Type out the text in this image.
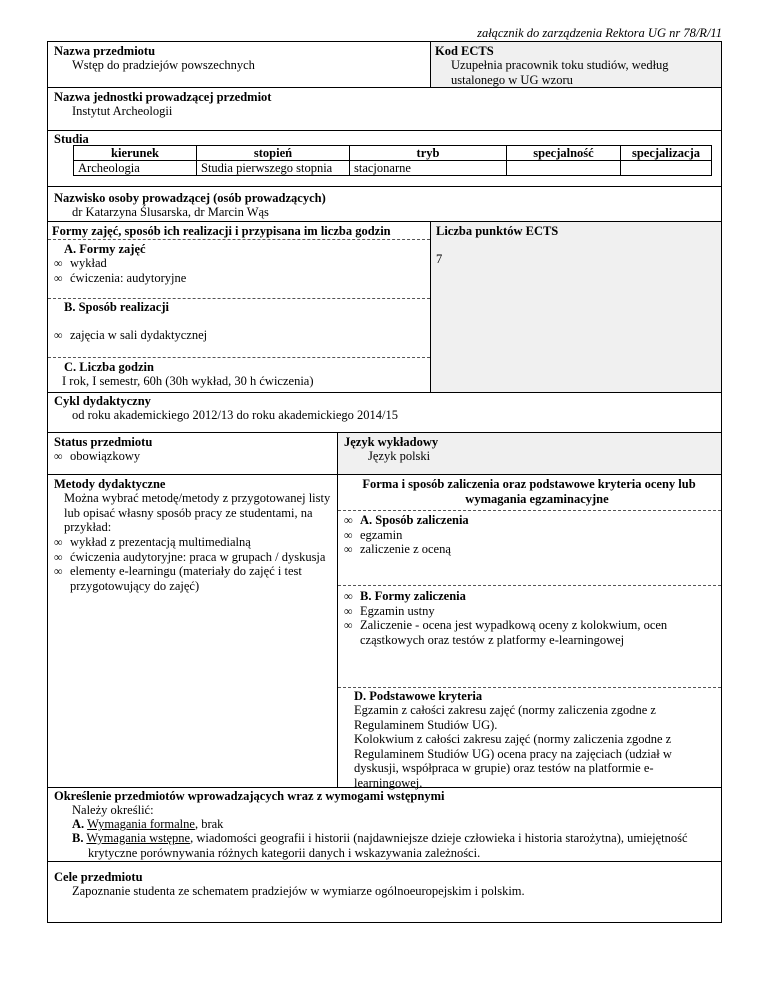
załącznik do zarządzenia Rektora UG nr 78/R/11
Nazwa przedmiotu
Wstęp do pradziejów powszechnych
Kod ECTS
Uzupełnia pracownik toku studiów, według ustalonego w UG wzoru
Nazwa jednostki prowadzącej przedmiot
Instytut Archeologii
Studia
kierunek	stopień	tryb	specjalność	specjalizacja
Archeologia	Studia pierwszego stopnia	stacjonarne		
Nazwisko osoby prowadzącej (osób prowadzących)
dr Katarzyna Ślusarska, dr Marcin Wąs
Formy zajęć, sposób ich realizacji i przypisana im liczba godzin	Liczba punktów ECTS
7
A. Formy zajęć
∞ wykład
∞ ćwiczenia: audytoryjne
B. Sposób realizacji
∞ zajęcia w sali dydaktycznej
C. Liczba godzin
I rok, I semestr, 60h (30h wykład, 30 h ćwiczenia)
Cykl dydaktyczny
od roku akademickiego 2012/13 do roku akademickiego 2014/15
Status przedmiotu
∞ obowiązkowy
Język wykładowy
Język polski
Metody dydaktyczne
Można wybrać metodę/metody z przygotowanej listy lub opisać własny sposób pracy ze studentami, na przykład:
∞ wykład z prezentacją multimedialną
∞ ćwiczenia audytoryjne: praca w grupach / dyskusja
∞ elementy e-learningu (materiały do zajęć i test przygotowujący do zajęć)
Forma i sposób zaliczenia oraz podstawowe kryteria oceny lub wymagania egzaminacyjne
∞ A. Sposób zaliczenia
∞ egzamin
∞ zaliczenie z oceną
∞ B. Formy zaliczenia
∞ Egzamin ustny
∞ Zaliczenie - ocena jest wypadkową oceny z kolokwium, ocen cząstkowych oraz testów z platformy e-learningowej
D. Podstawowe kryteria
Egzamin z całości zakresu zajęć (normy zaliczenia zgodne z Regulaminem Studiów UG).
Kolokwium z całości zakresu zajęć (normy zaliczenia zgodne z Regulaminem Studiów UG) ocena pracy na zajęciach (udział w dyskusji, współpraca w grupie) oraz testów na platformie e-learningowej.
Określenie przedmiotów wprowadzających wraz z wymogami wstępnymi
Należy określić:
A. Wymagania formalne, brak
B. Wymagania wstępne, wiadomości geografii i historii (najdawniejsze dzieje człowieka i historia starożytna), umiejętność krytyczne porównywania różnych kategorii danych i wskazywania zależności.
Cele przedmiotu
Zapoznanie studenta ze schematem pradziejów w wymiarze ogólnoeuropejskim i polskim.
